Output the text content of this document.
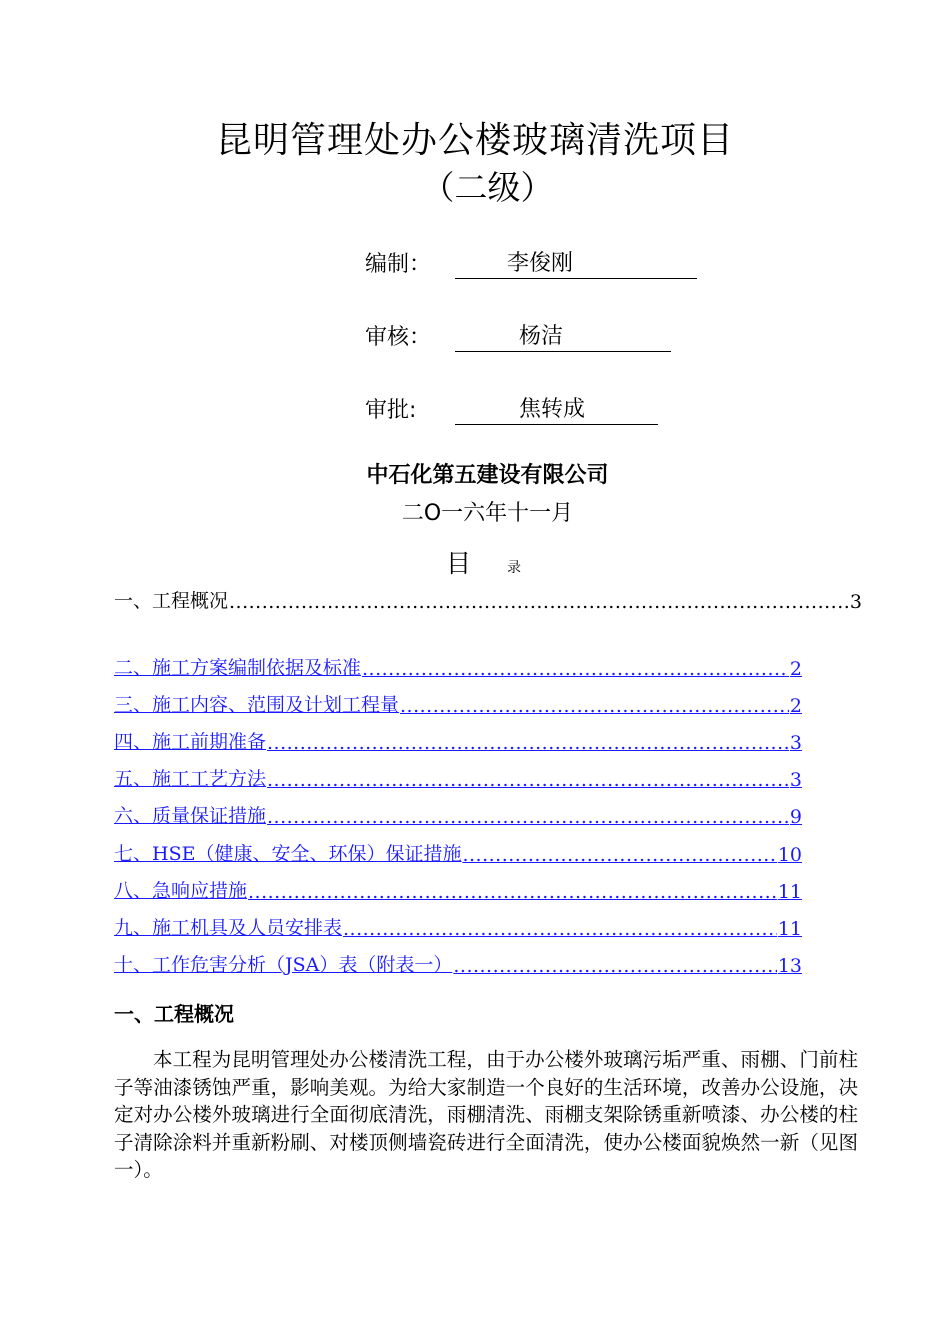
昆明管理处办公楼玻璃清洗项目
（二级）
编制：	李俊刚
审核：	杨洁
审批:	焦转成
中石化第五建设有限公司
二O一六年十一月
目	录
一、工程概况 .....	3
二、施工方案编制依据及标准 .....	2
三、施工内容、范围及计划工程量 .....	2
四、施工前期准备 .....	3
五、施工工艺方法 .....	3
六、质量保证措施 .....	9
七、HSE（健康、安全、环保）保证措施 .....	10
八、急响应措施 .....	11
九、施工机具及人员安排表 .....	11
十、工作危害分析（JSA）表（附表一） .....	13
一、工程概况
本工程为昆明管理处办公楼清洗工程，由于办公楼外玻璃污垢严重、雨棚、门前柱子等油漆锈蚀严重，影响美观。为给大家制造一个良好的生活环境，改善办公设施，决定对办公楼外玻璃进行全面彻底清洗，雨棚清洗、雨棚支架除锈重新喷漆、办公楼的柱子清除涂料并重新粉刷、对楼顶侧墙瓷砖进行全面清洗，使办公楼面貌焕然一新（见图一）。
